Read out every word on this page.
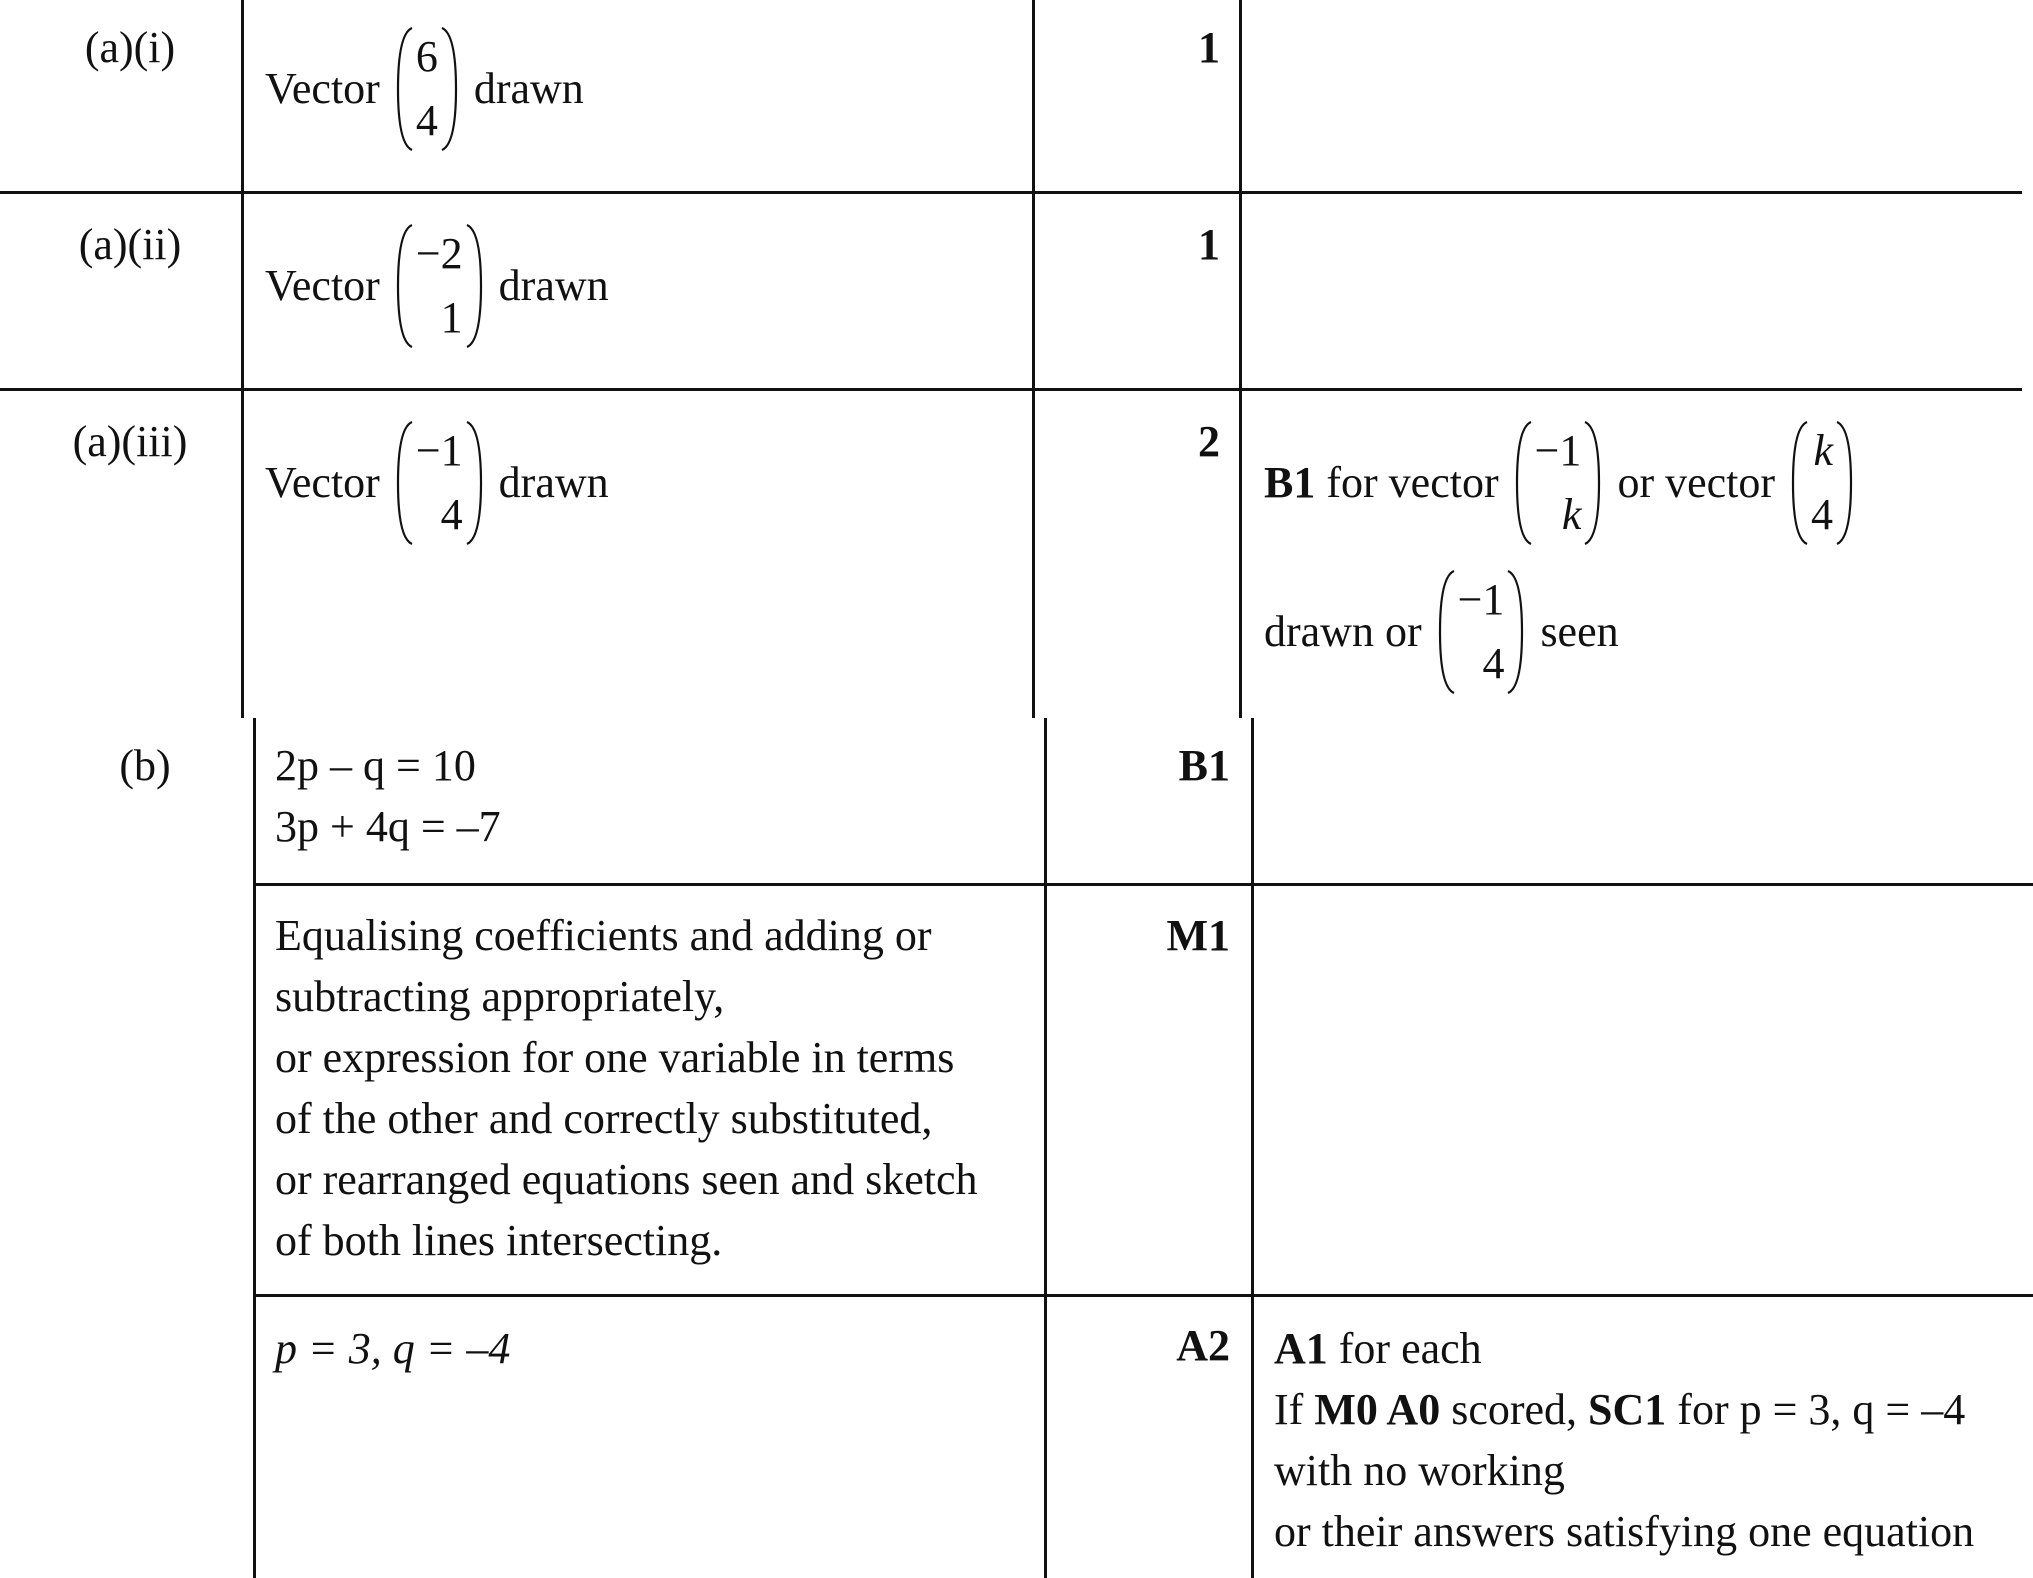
(a)(i)
Vector
6
4
drawn
1
(a)(ii)
Vector
−2
1
drawn
1
(a)(iii)
Vector
−1
4
drawn
2
B1 for vector
−1
k
or vector
k
4
drawn or
−1
4
seen
(b)	2p – q = 10
3p + 4q = –7
B1
Equalising coefficients and adding or
subtracting appropriately,
or expression for one variable in terms
of the other and correctly substituted,
or rearranged equations seen and sketch
of both lines intersecting.
M1
p = 3, q = –4	A2 A1 for each
If M0 A0 scored, SC1 for p = 3, q = –4
with no working
or their answers satisfying one equation
